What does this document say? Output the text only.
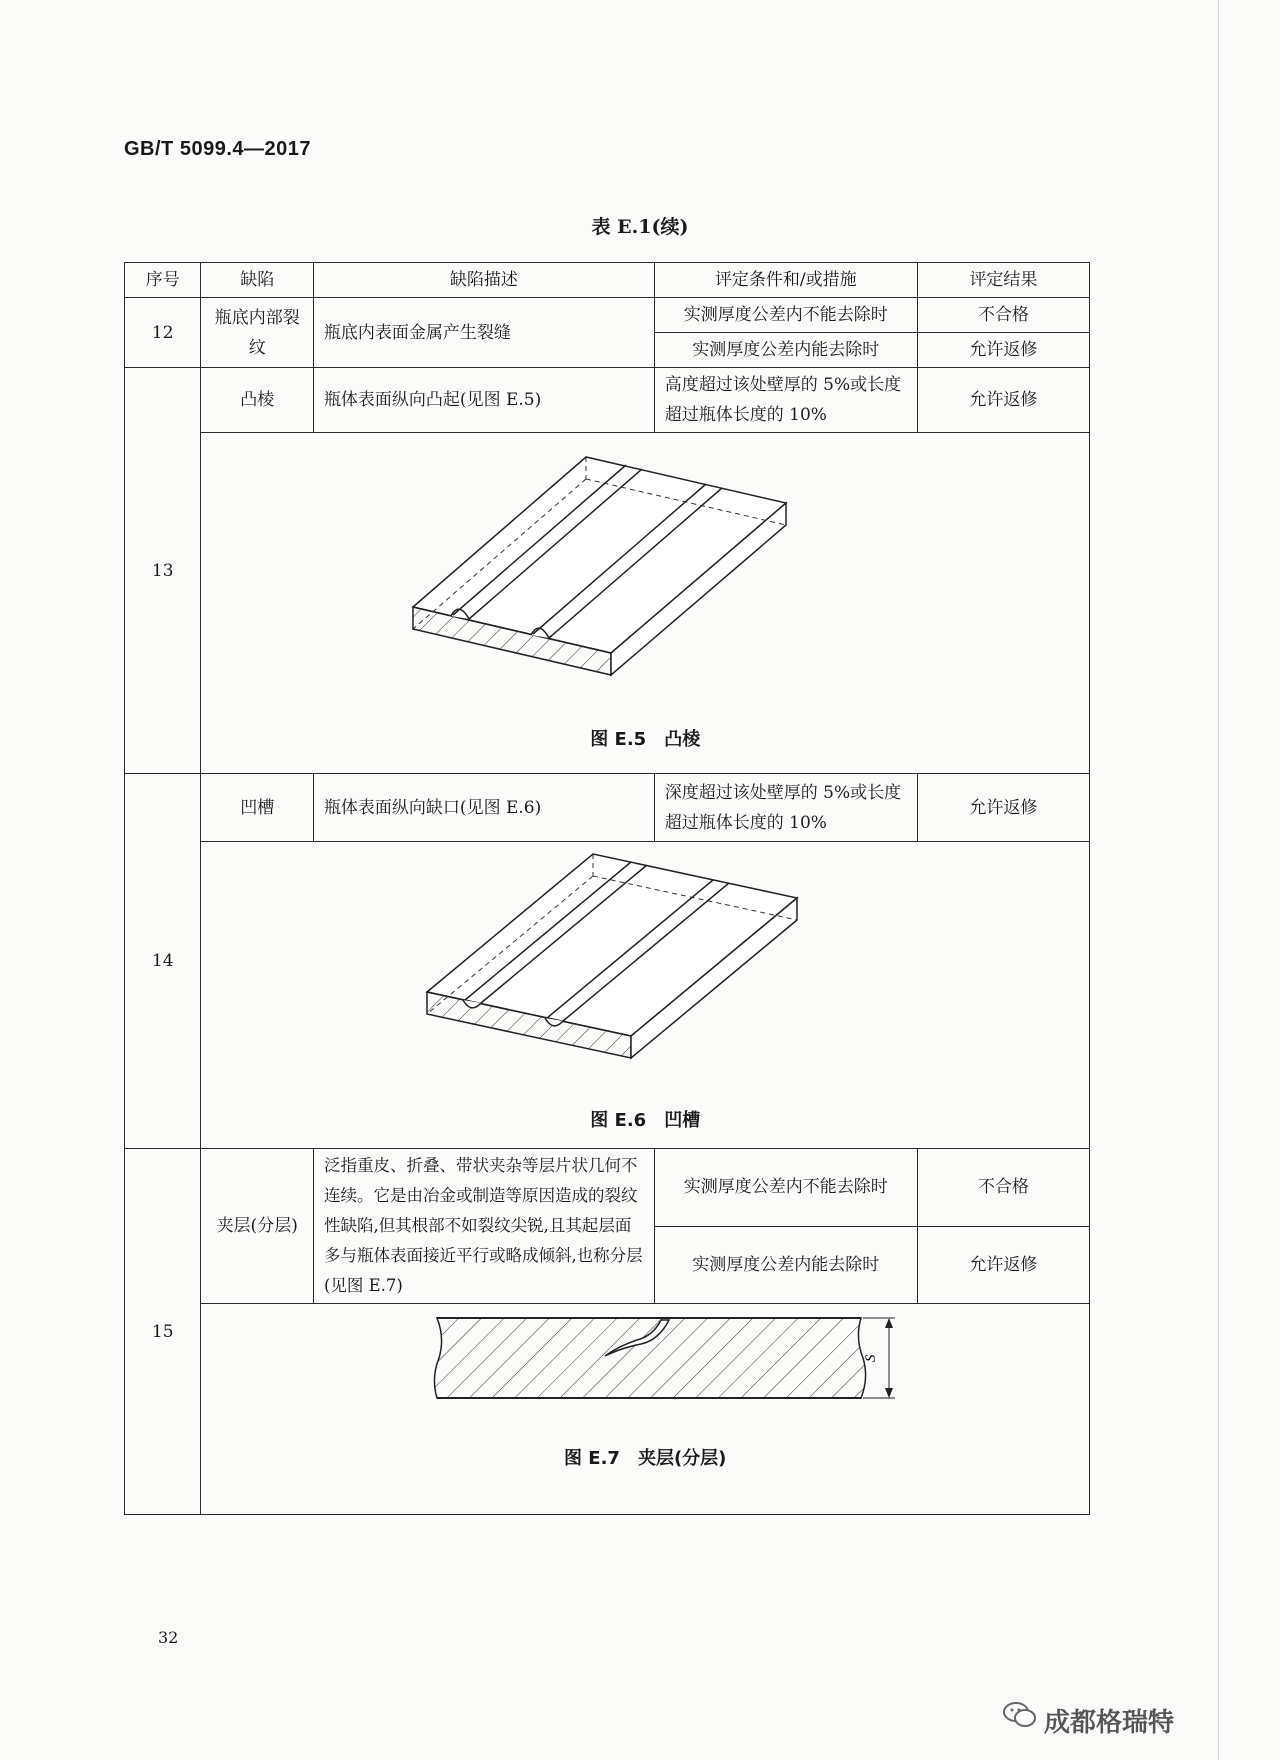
GB/T 5099.4—2017
表 E.1(续)
序号	缺陷	缺陷描述	评定条件和/或措施	评定结果
12	瓶底内部裂纹	瓶底内表面金属产生裂缝	实测厚度公差内不能去除时	不合格
			实测厚度公差内能去除时	允许返修
13	凸棱	瓶体表面纵向凸起(见图 E.5)	高度超过该处壁厚的 5%或长度超过瓶体长度的 10%	允许返修

	图 E.5　凸棱			

14	凹槽	瓶体表面纵向缺口(见图 E.6)	深度超过该处壁厚的 5%或长度超过瓶体长度的 10%	允许返修

	图 E.6　凹槽			

15	夹层(分层)	泛指重皮、折叠、带状夹杂等层片状几何不连续。它是由冶金或制造等原因造成的裂纹性缺陷,但其根部不如裂纹尖锐,且其起层面多与瓶体表面接近平行或略成倾斜,也称分层(见图 E.7)	实测厚度公差内不能去除时	不合格
			实测厚度公差内能去除时	允许返修

S
图 E.7　夹层(分层)			
32
成都格瑞特
